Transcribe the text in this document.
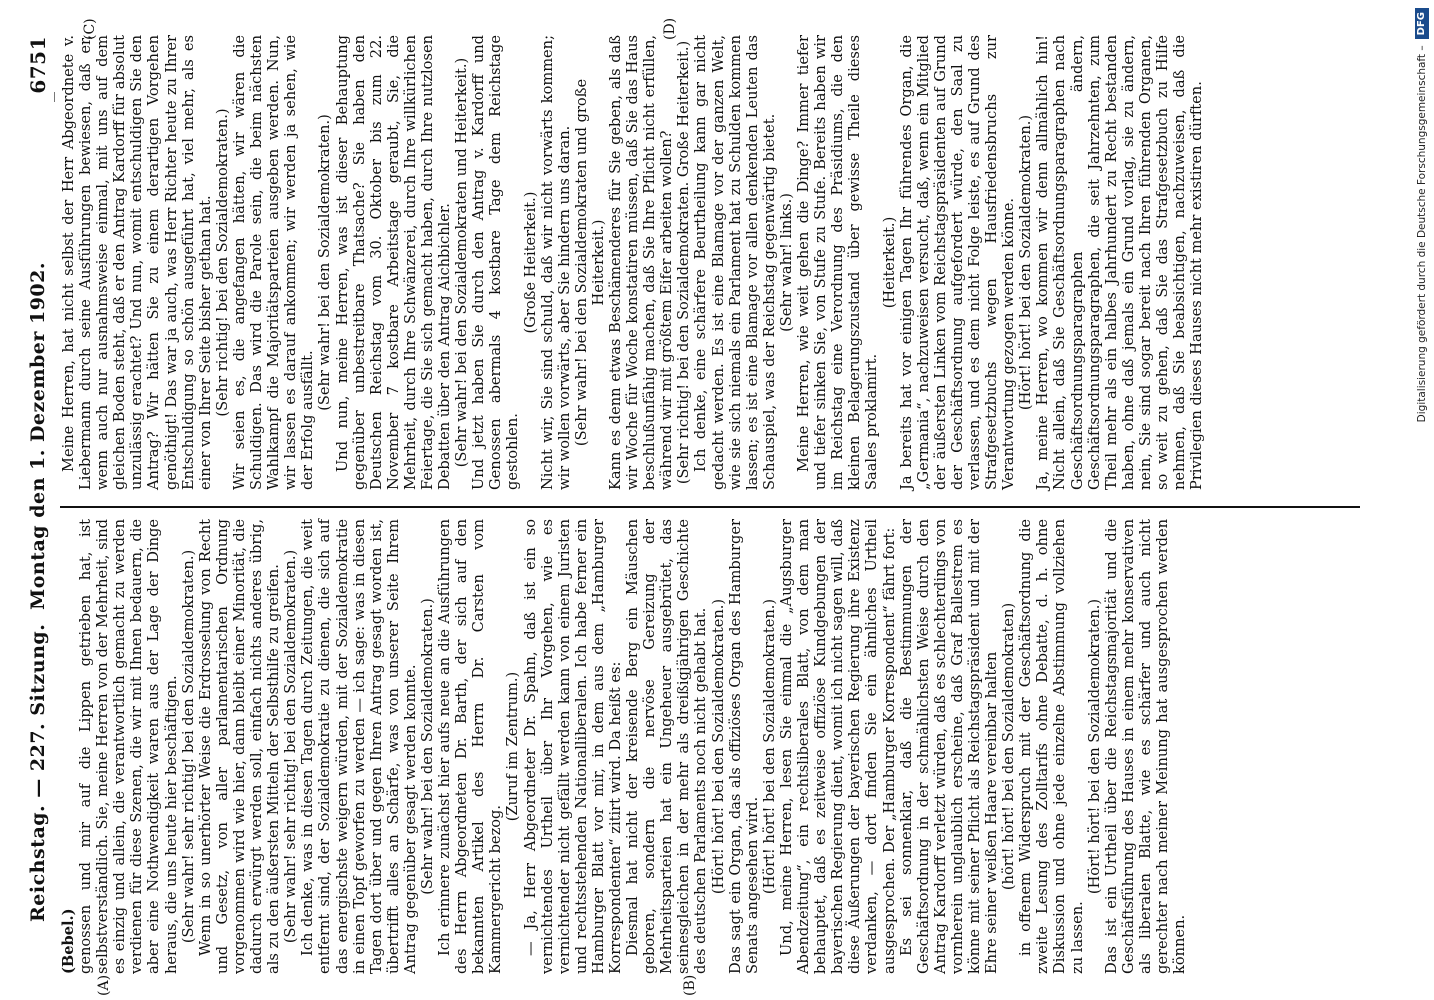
Reichstag. — 227. Sitzung.
Montag den 1. Dezember 1902.
6751
(A)	(B)
(C)	(D)

(Bebel.) genossen und mir auf die Lippen getrieben hat, ist selbstverständlich. Sie, meine Herren von der Mehrheit, sind es einzig und allein, die verantwortlich gemacht zu werden verdienen für diese Szenen, die wir mit Ihnen bedauern, die aber eine Nothwendigkeit waren aus der Lage der Dinge heraus, die uns heute hier beschäftigen. (Sehr wahr! sehr richtig! bei den Sozialdemokraten.) Wenn in so unerhörter Weise die Erdrosselung von Recht und Gesetz, von aller parlamentarischen Ordnung vorgenommen wird wie hier, dann bleibt einer Minorität, die dadurch erwürgt werden soll, einfach nichts anderes übrig, als zu den äußersten Mitteln der Selbsthilfe zu greifen. (Sehr wahr! sehr richtig! bei den Sozialdemokraten.) Ich denke, was in diesen Tagen durch Zeitungen, die weit entfernt sind, der Sozialdemokratie zu dienen, die sich auf das energischste weigern würden, mit der Sozialdemokratie in einen Topf geworfen zu werden — ich sage: was in diesen Tagen dort über und gegen Ihren Antrag gesagt worden ist, übertrifft alles an Schärfe, was von unserer Seite Ihrem Antrag gegenüber gesagt werden konnte. (Sehr wahr! bei den Sozialdemokraten.) Ich erinnere zunächst hier aufs neue an die Ausführungen des Herrn Abgeordneten Dr. Barth, der sich auf den bekannten Artikel des Herrn Dr. Carsten vom Kammergericht bezog.

(Zuruf im Zentrum.) — Ja, Herr Abgeordneter Dr. Spahn, daß ist ein so vernichtendes Urtheil über Ihr Vorgehen, wie es vernichtender nicht gefällt werden kann von einem Juristen und rechtsstehenden Nationalliberalen. Ich habe ferner ein Hamburger Blatt vor mir, in dem aus dem „Hamburger Korrespondenten“ zitirt wird. Da heißt es: Diesmal hat nicht der kreisende Berg ein Mäuschen geboren, sondern die nervöse Gereizung der Mehrheitsparteien hat ein Ungeheuer ausgebrütet, das seinesgleichen in der mehr als dreißigjährigen Geschichte des deutschen Parlaments noch nicht gehabt hat. (Hört! hört! bei den Sozialdemokraten.) Das sagt ein Organ, das als offiziöses Organ des Hamburger Senats angesehen wird. (Hört! hört! bei den Sozialdemokraten.) Und, meine Herren, lesen Sie einmal die „Augsburger Abendzeitung“, ein rechtsliberales Blatt, von dem man behauptet, daß es zeitweise offiziöse Kundgebungen der bayerischen Regierung dient, womit ich nicht sagen will, daß diese Äußerungen der bayerischen Regierung ihre Existenz verdanken, — dort finden Sie ein ähnliches Urtheil ausgesprochen. Der „Hamburger Korrespondent“ fährt fort: Es sei sonnenklar, daß die Bestimmungen der Geschäftsordnung in der schmählichsten Weise durch den Antrag Kardorff verletzt würden, daß es schlechterdings von vornherein unglaublich erscheine, daß Graf Ballestrem es könne mit seiner Pflicht als Reichstagspräsident und mit der Ehre seiner weißen Haare vereinbar halten (hört! hört! bei den Sozialdemokraten) in offenem Widerspruch mit der Geschäftsordnung die zweite Lesung des Zolltarifs ohne Debatte, d. h. ohne Diskussion und ohne jede einzelne Abstimmung vollziehen zu lassen.

(Hört! hört! bei den Sozialdemokraten.) Das ist ein Urtheil über die Reichstagsmajorität und die Geschäftsführung des Hauses in einem mehr konservativen als liberalen Blatte, wie es schärfer und auch nicht gerechter nach meiner Meinung hat ausgesprochen werden können.

Meine Herren, hat nicht selbst der Herr Abgeordnete v. Liebermann durch seine Ausführungen bewiesen, daß er, wenn auch nur ausnahmsweise einmal, mit uns auf dem gleichen Boden steht, daß er den Antrag Kardorff für absolut unzulässig erachtet? Und nun, womit entschuldigen Sie den Antrag? Wir hätten Sie zu einem derartigen Vorgehen genöthigt! Das war ja auch, was Herr Richter heute zu Ihrer Entschuldigung so schön ausgeführt hat, viel mehr, als es einer von Ihrer Seite bisher gethan hat. (Sehr richtig! bei den Sozialdemokraten.) Wir seien es, die angefangen hätten, wir wären die Schuldigen. Das wird die Parole sein, die beim nächsten Wahlkampf die Majoritätsparteien ausgeben werden. Nun, wir lassen es darauf ankommen; wir werden ja sehen, wie der Erfolg ausfällt.

(Sehr wahr! bei den Sozialdemokraten.) Und nun, meine Herren, was ist dieser Behauptung gegenüber unbestreitbare Thatsache? Sie haben den Deutschen Reichstag vom 30. Oktober bis zum 22. November 7 kostbare Arbeitstage geraubt, Sie, die Mehrheit, durch Ihre Schwänzerei, durch Ihre willkürlichen Feiertage, die Sie sich gemacht haben, durch Ihre nutzlosen Debatten über den Antrag Aichbichler. (Sehr wahr! bei den Sozialdemokraten und Heiterkeit.) Und jetzt haben Sie durch den Antrag v. Kardorff und Genossen abermals 4 kostbare Tage dem Reichstage gestohlen.

(Große Heiterkeit.) Nicht wir, Sie sind schuld, daß wir nicht vorwärts kommen; wir wollen vorwärts, aber Sie hindern uns daran. (Sehr wahr! bei den Sozialdemokraten und große Heiterkeit.) Kann es denn etwas Beschämenderes für Sie geben, als daß wir Woche für Woche konstatiren müssen, daß Sie das Haus beschlußunfähig machen, daß Sie Ihre Pflicht nicht erfüllen, während wir mit größtem Eifer arbeiten wollen? (Sehr richtig! bei den Sozialdemokraten. Große Heiterkeit.) Ich denke, eine schärfere Beurtheilung kann gar nicht gedacht werden. Es ist eine Blamage vor der ganzen Welt, wie sie sich niemals ein Parlament hat zu Schulden kommen lassen; es ist eine Blamage vor allen denkenden Leuten das Schauspiel, was der Reichstag gegenwärtig bietet. (Sehr wahr! links.) Meine Herren, wie weit gehen die Dinge? Immer tiefer und tiefer sinken Sie, von Stufe zu Stufe. Bereits haben wir im Reichstag eine Verordnung des Präsidiums, die den kleinen Belagerungszustand über gewisse Theile dieses Saales proklamirt.

(Heiterkeit.) Ja bereits hat vor einigen Tagen Ihr führendes Organ, die „Germania“, nachzuweisen versucht, daß, wenn ein Mitglied der äußersten Linken vom Reichstagspräsidenten auf Grund der Geschäftsordnung aufgefordert würde, den Saal zu verlassen, und es dem nicht Folge leiste, es auf Grund des Strafgesetzbuchs wegen Hausfriedensbruchs zur Verantwortung gezogen werden könne. (Hört! hört! bei den Sozialdemokraten.) Ja, meine Herren, wo kommen wir denn allmählich hin! Nicht allein, daß Sie Geschäftsordnungsparagraphen nach Geschäftsordnungsparagraphen ändern, Geschäftsordnungsparagraphen, die seit Jahrzehnten, zum Theil mehr als ein halbes Jahrhundert zu Recht bestanden haben, ohne daß jemals ein Grund vorlag, sie zu ändern, nein, Sie sind sogar bereit nach Ihren führenden Organen, so weit zu gehen, daß Sie das Strafgesetzbuch zu Hilfe nehmen, daß Sie beabsichtigen, nachzuweisen, daß die Privilegien dieses Hauses nicht mehr existiren dürften.	Digitalisierung gefördert durch die Deutsche Forschungsgemeinschaft –
DFG
